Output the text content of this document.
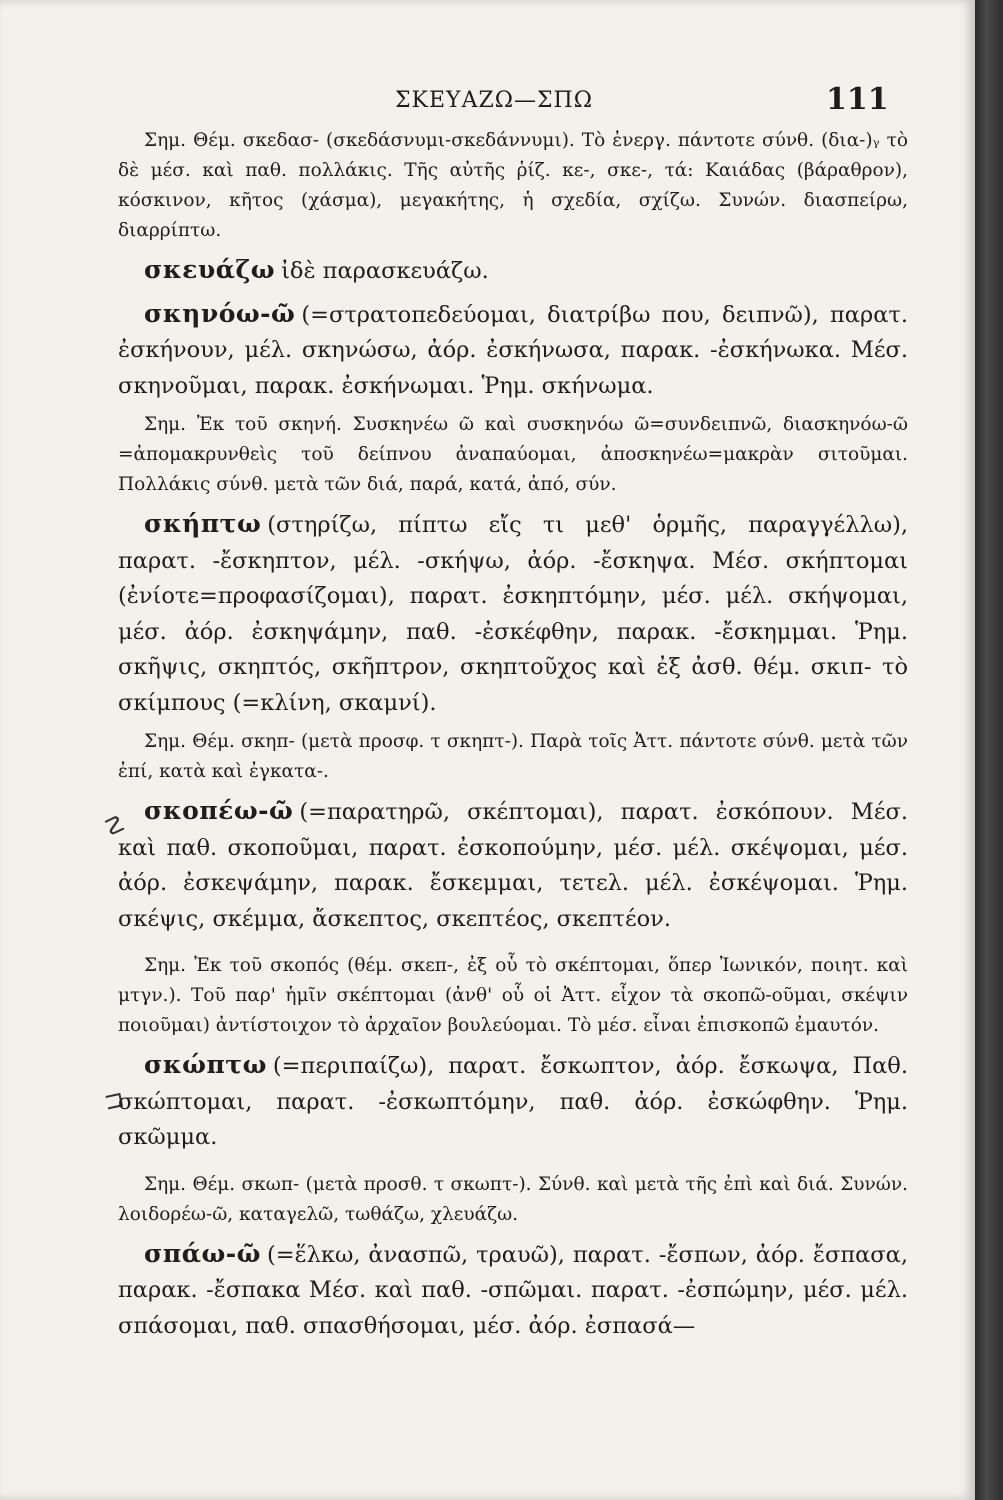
ΣΚΕΥΑΖΩ—ΣΠΩ	111
☡
⊐

Σημ. Θέμ. σκεδασ- (σκεδάσνυμι-σκεδάννυμι). Τὸ ἐνεργ. πάντοτε σύνθ. (δια-)ᵧ τὸ δὲ μέσ. καὶ παθ. πολλάκις. Τῆς αὐτῆς ῥίζ. κε-, σκε-, τά: Καιάδας (βάραθρον), κόσκινον, κῆτος (χάσμα), μεγακήτης, ἡ σχεδία, σχίζω. Συνών. διασπείρω, διαρρίπτω.

σκευάζω ἰδὲ παρασκευάζω.

σκηνόω-ῶ (=στρατοπεδεύομαι, διατρίβω που, δειπνῶ), παρατ. ἐσκήνουν, μέλ. σκηνώσω, ἀόρ. ἐσκήνωσα, παρακ. -ἐσκήνωκα. Μέσ. σκηνοῦμαι, παρακ. ἐσκήνωμαι. Ῥημ. σκήνωμα.

Σημ. Ἐκ τοῦ σκηνή. Συσκηνέω ῶ καὶ συσκηνόω ῶ=συνδειπνῶ, διασκηνόω-ῶ =ἀπομακρυνθεὶς τοῦ δείπνου ἀναπαύομαι, ἀποσκηνέω=μακρὰν σιτοῦμαι. Πολλάκις σύνθ. μετὰ τῶν διά, παρά, κατά, ἀπό, σύν.

σκήπτω (στηρίζω, πίπτω εἴς τι μεθ' ὁρμῆς, παραγγέλλω), παρατ. -ἔσκηπτον, μέλ. -σκήψω, ἀόρ. -ἔσκηψα. Μέσ. σκήπτομαι (ἐνίοτε=προφασίζομαι), παρατ. ἐσκηπτόμην, μέσ. μέλ. σκήψομαι, μέσ. ἀόρ. ἐσκηψάμην, παθ. -ἐσκέφθην, παρακ. -ἔσκημμαι. Ῥημ. σκῆψις, σκηπτός, σκῆπτρον, σκηπτοῦχος καὶ ἐξ ἀσθ. θέμ. σκιπ- τὸ σκίμπους (=κλίνη, σκαμνί).

Σημ. Θέμ. σκηπ- (μετὰ προσφ. τ σκηπτ-). Παρὰ τοῖς Ἀττ. πάντοτε σύνθ. μετὰ τῶν ἐπί, κατὰ καὶ ἐγκατα-.

σκοπέω-ῶ (=παρατηρῶ, σκέπτομαι), παρατ. ἐσκόπουν. Μέσ. καὶ παθ. σκοποῦμαι, παρατ. ἐσκοπούμην, μέσ. μέλ. σκέψομαι, μέσ. ἀόρ. ἐσκεψάμην, παρακ. ἔσκεμμαι, τετελ. μέλ. ἐσκέψομαι. Ῥημ. σκέψις, σκέμμα, ἄσκεπτος, σκεπτέος, σκεπτέον.

Σημ. Ἐκ τοῦ σκοπός (θέμ. σκεπ-, ἐξ οὗ τὸ σκέπτομαι, ὅπερ Ἰωνικόν, ποιητ. καὶ μτγν.). Τοῦ παρ' ἡμῖν σκέπτομαι (ἀνθ' οὗ οἱ Ἀττ. εἶχον τὰ σκοπῶ-οῦμαι, σκέψιν ποιοῦμαι) ἀντίστοιχον τὸ ἀρχαῖον βουλεύομαι. Τὸ μέσ. εἶναι ἐπισκοπῶ ἐμαυτόν.

σκώπτω (=περιπαίζω), παρατ. ἔσκωπτον, ἀόρ. ἔσκωψα, Παθ. σκώπτομαι, παρατ. -ἐσκωπτόμην, παθ. ἀόρ. ἐσκώφθην. Ῥημ. σκῶμμα.

Σημ. Θέμ. σκωπ- (μετὰ προσθ. τ σκωπτ-). Σύνθ. καὶ μετὰ τῆς ἐπὶ καὶ διά. Συνών. λοιδορέω-ῶ, καταγελῶ, τωθάζω, χλευάζω.

σπάω-ῶ (=ἕλκω, ἀνασπῶ, τραυῶ), παρατ. -ἔσπων, ἀόρ. ἔσπασα, παρακ. -ἔσπακα Μέσ. καὶ παθ. -σπῶμαι. παρατ. -ἐσπώμην, μέσ. μέλ. σπάσομαι, παθ. σπασθήσομαι, μέσ. ἀόρ. ἐσπασά—
